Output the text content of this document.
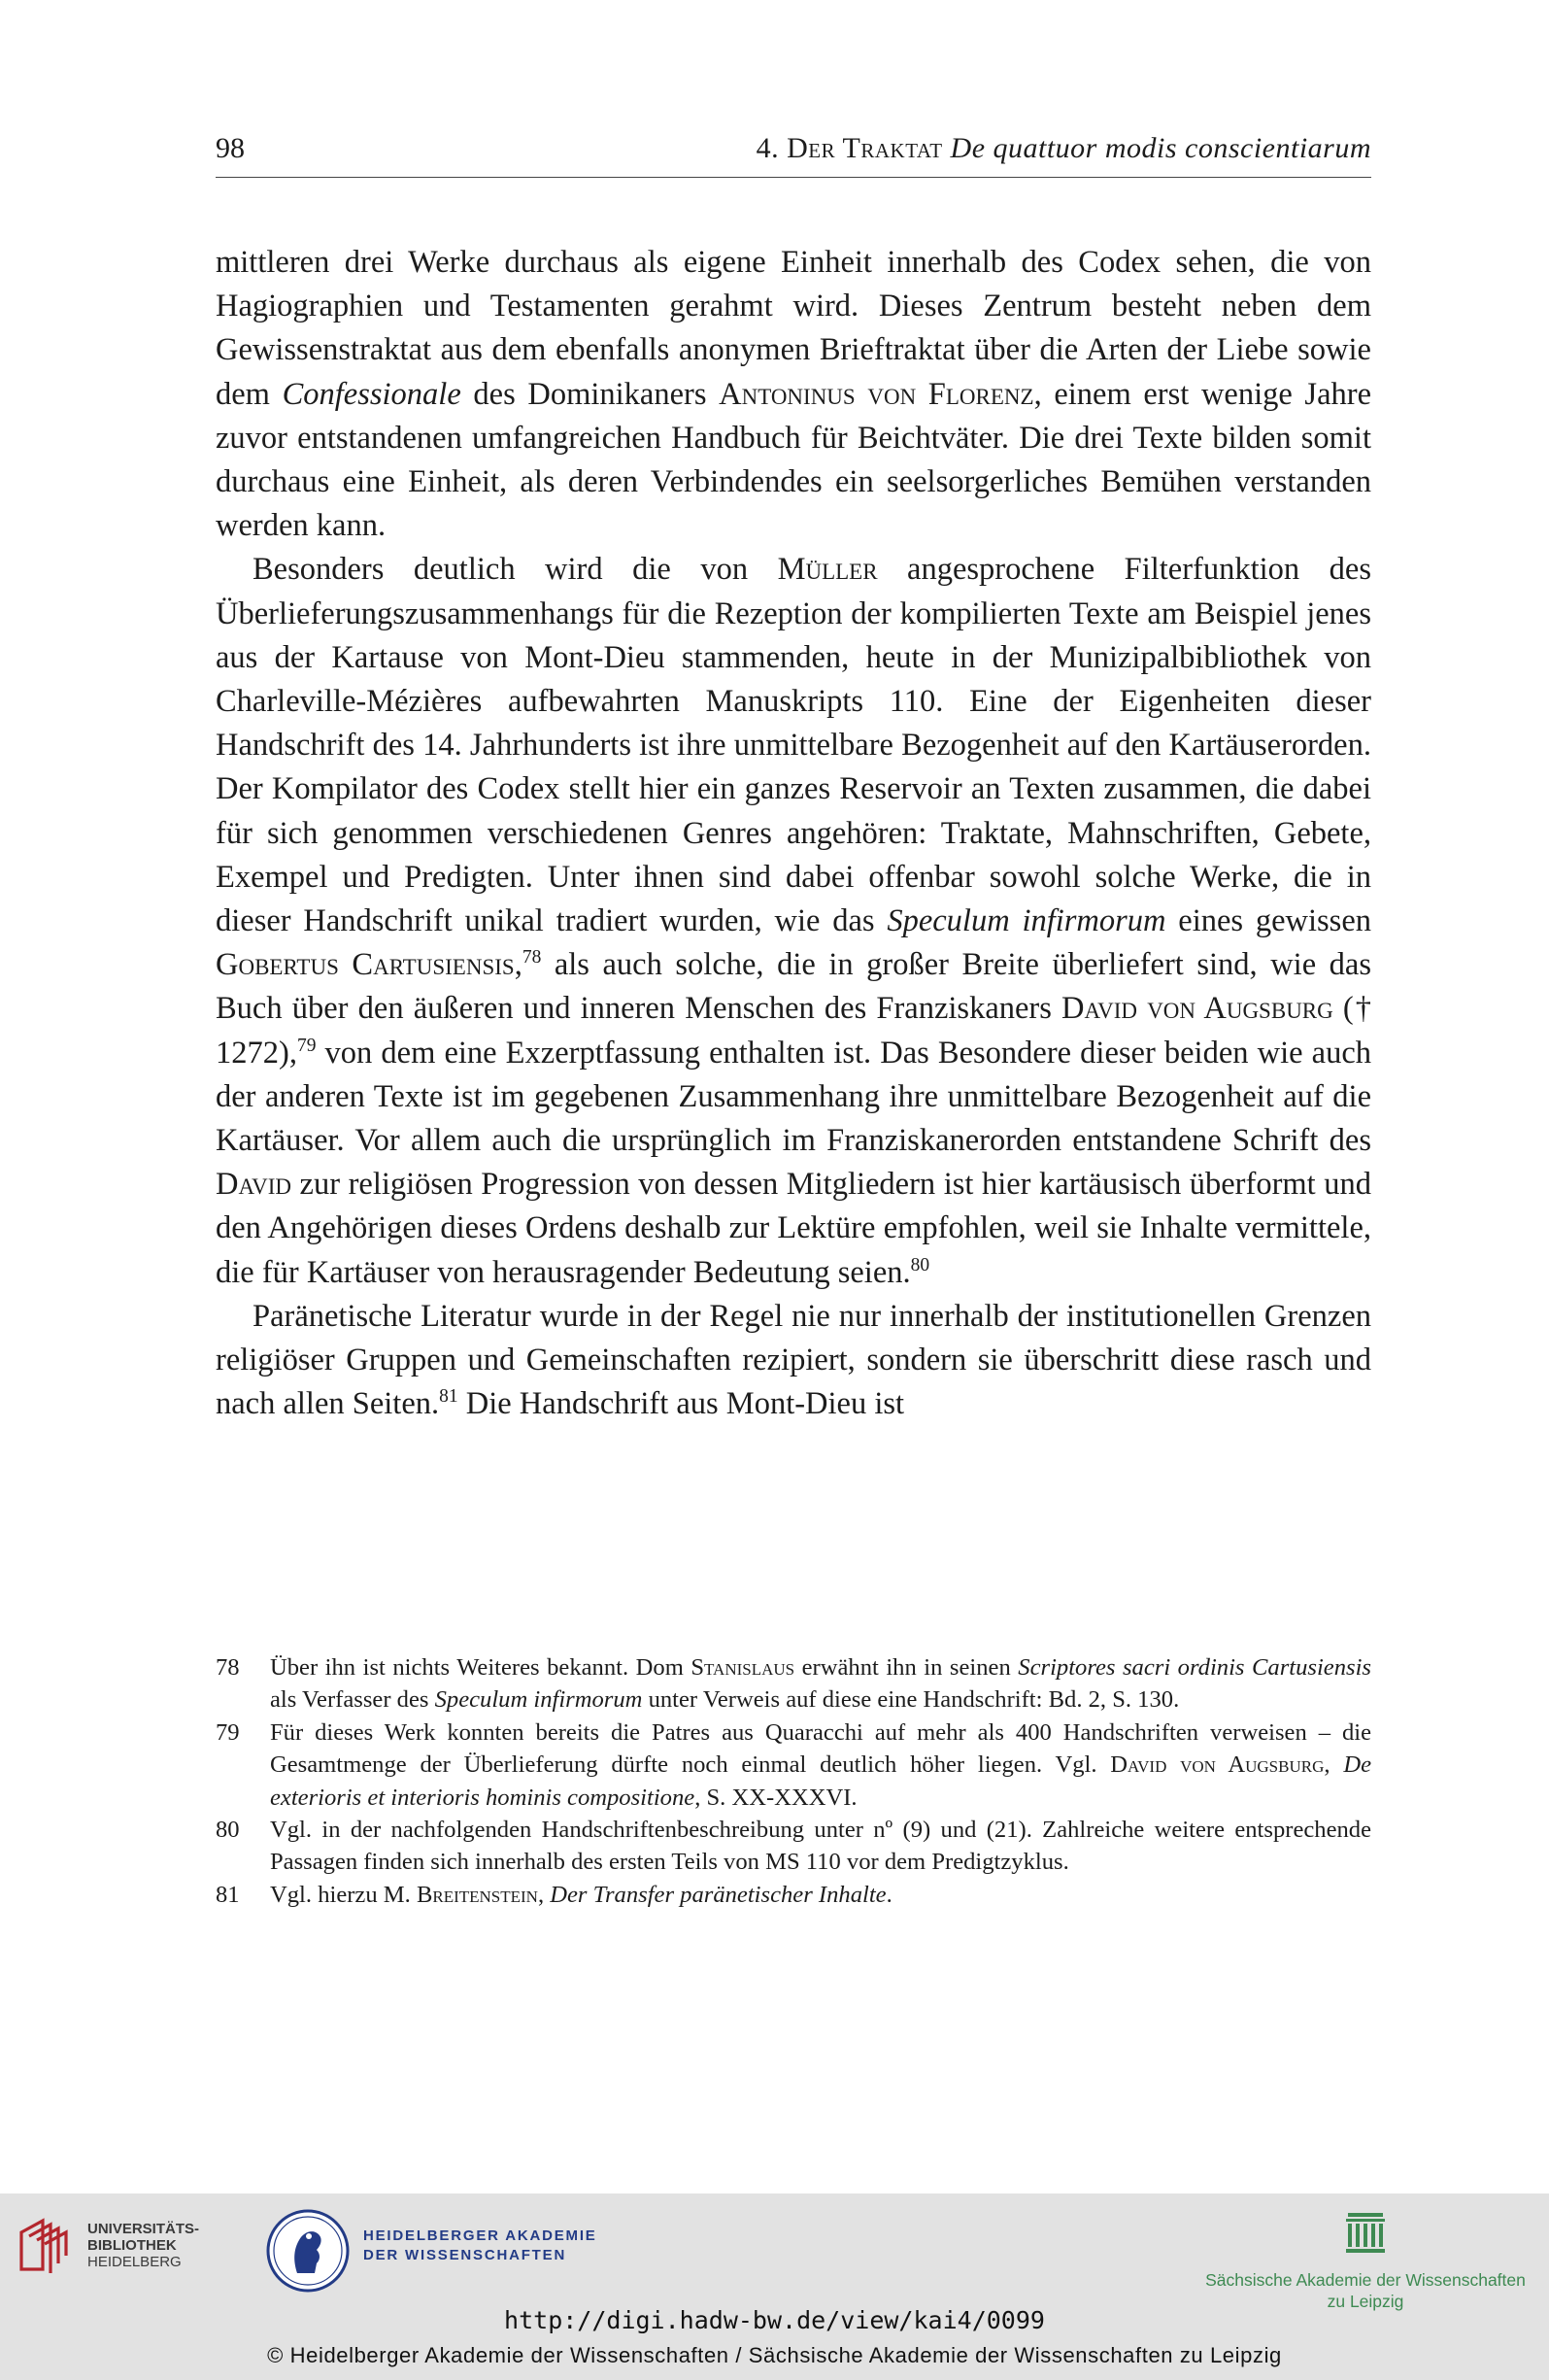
98	4. Der Traktat De quattuor modis conscientiarum

mittleren drei Werke durchaus als eigene Einheit innerhalb des Codex sehen, die von Hagiographien und Testamenten gerahmt wird. Dieses Zentrum besteht neben dem Gewissenstraktat aus dem ebenfalls anonymen Brieftraktat über die Arten der Liebe sowie dem Confessionale des Dominikaners Antoninus von Florenz, einem erst wenige Jahre zuvor entstandenen umfangreichen Handbuch für Beichtväter. Die drei Texte bilden somit durchaus eine Einheit, als deren Verbindendes ein seelsorgerliches Bemühen verstanden werden kann.

Besonders deutlich wird die von Müller angesprochene Filterfunktion des Überlieferungszusammenhangs für die Rezeption der kompilierten Texte am Beispiel jenes aus der Kartause von Mont-Dieu stammenden, heute in der Munizipalbibliothek von Charleville-Mézières aufbewahrten Manuskripts 110. Eine der Eigenheiten dieser Handschrift des 14. Jahrhunderts ist ihre unmittelbare Bezogenheit auf den Kartäuserorden. Der Kompilator des Codex stellt hier ein ganzes Reservoir an Texten zusammen, die dabei für sich genommen verschiedenen Genres angehören: Traktate, Mahnschriften, Gebete, Exempel und Predigten. Unter ihnen sind dabei offenbar sowohl solche Werke, die in dieser Handschrift unikal tradiert wurden, wie das Speculum infirmorum eines gewissen Gobertus Cartusiensis,$^{78}$ als auch solche, die in großer Breite überliefert sind, wie das Buch über den äußeren und inneren Menschen des Franziskaners David von Augsburg († 1272),$^{79}$ von dem eine Exzerptfassung enthalten ist. Das Besondere dieser beiden wie auch der anderen Texte ist im gegebenen Zusammenhang ihre unmittelbare Bezogenheit auf die Kartäuser. Vor allem auch die ursprünglich im Franziskanerorden entstandene Schrift des David zur religiösen Progression von dessen Mitgliedern ist hier kartäusisch überformt und den Angehörigen dieses Ordens deshalb zur Lektüre empfohlen, weil sie Inhalte vermittele, die für Kartäuser von herausragender Bedeutung seien.$^{80}$

Paränetische Literatur wurde in der Regel nie nur innerhalb der institutionellen Grenzen religiöser Gruppen und Gemeinschaften rezipiert, sondern sie überschritt diese rasch und nach allen Seiten.$^{81}$ Die Handschrift aus Mont-Dieu ist

78 Über ihn ist nichts Weiteres bekannt. Dom Stanislaus erwähnt ihn in seinen Scriptores sacri ordinis Cartusiensis als Verfasser des Speculum infirmorum unter Verweis auf diese eine Handschrift: Bd. 2, S. 130.
79 Für dieses Werk konnten bereits die Patres aus Quaracchi auf mehr als 400 Handschriften verweisen – die Gesamtmenge der Überlieferung dürfte noch einmal deutlich höher liegen. Vgl. David von Augsburg, De exterioris et interioris hominis compositione, S. XX-XXXVI.
80 Vgl. in der nachfolgenden Handschriftenbeschreibung unter nº (9) und (21). Zahlreiche weitere entsprechende Passagen finden sich innerhalb des ersten Teils von MS 110 vor dem Predigtzyklus.
81 Vgl. hierzu M. Breitenstein, Der Transfer paränetischer Inhalte.
UNIVERSITÄTS-
BIBLIOTHEK
HEIDELBERG
HEIDELBERGER AKADEMIE
DER WISSENSCHAFTEN
Sächsische Akademie der Wissenschaften
zu Leipzig
http://digi.hadw-bw.de/view/kai4/0099
© Heidelberger Akademie der Wissenschaften / Sächsische Akademie der Wissenschaften zu Leipzig
